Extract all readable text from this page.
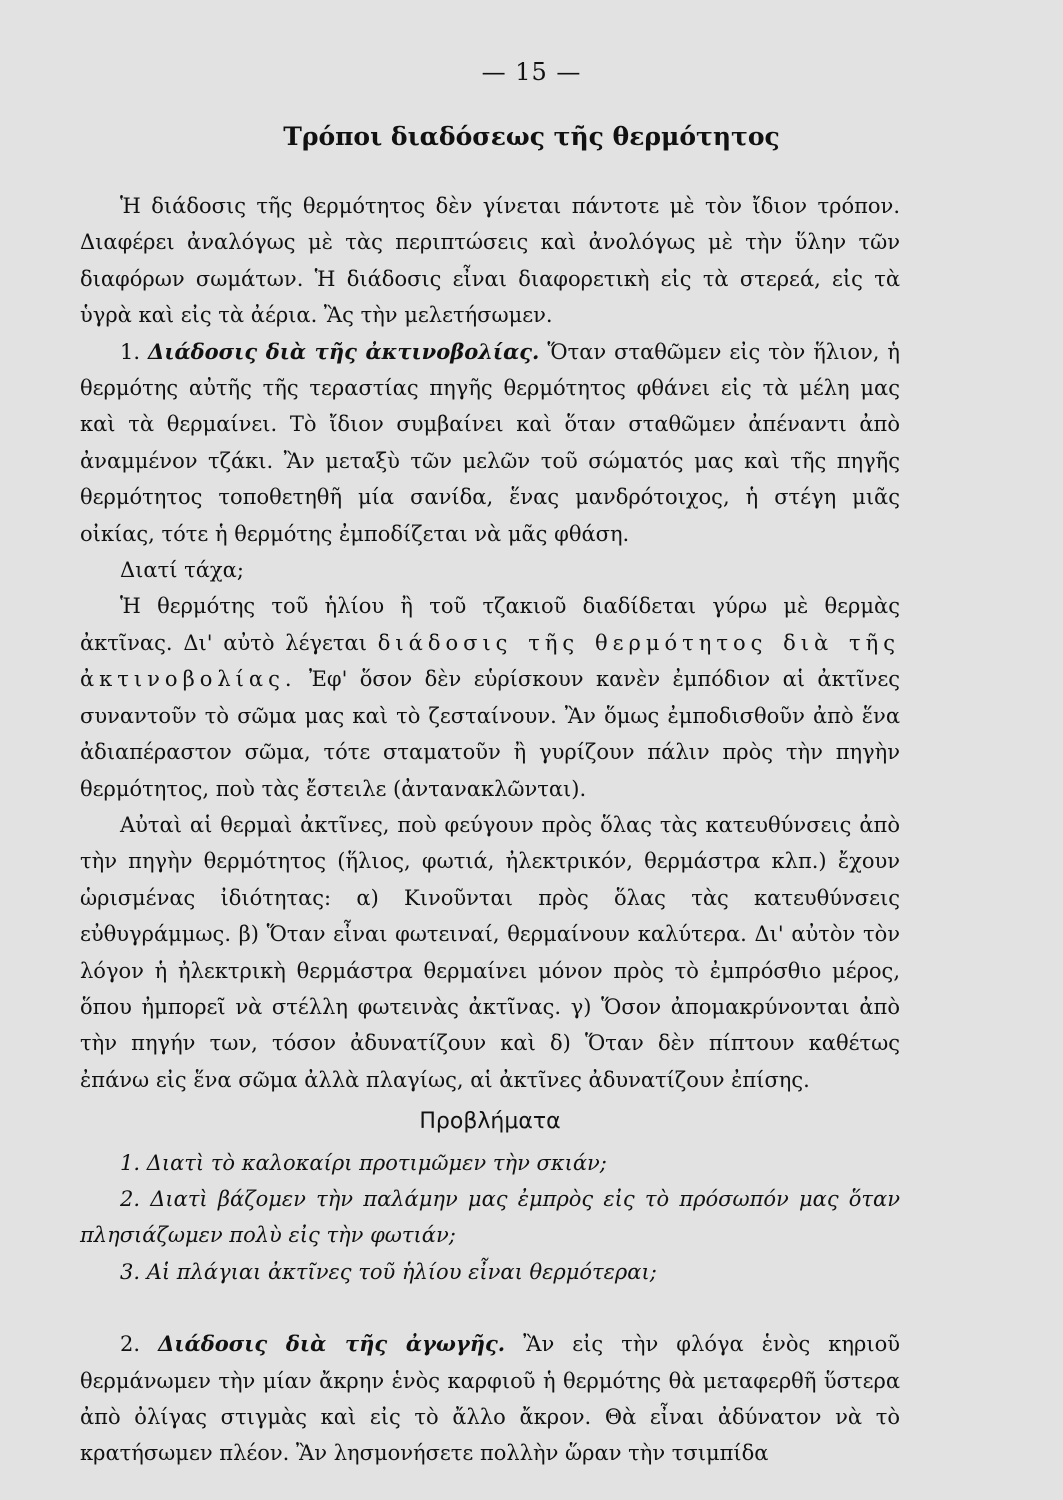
— 15 —
Τρόποι διαδόσεως τῆς θερμότητος

Ἡ διάδοσις τῆς θερμότητος δὲν γίνεται πάντοτε μὲ τὸν ἴδιον τρόπον. Διαφέρει ἀναλόγως μὲ τὰς περιπτώσεις καὶ ἀνολόγως μὲ τὴν ὕλην τῶν διαφόρων σωμάτων. Ἡ διάδοσις εἶναι διαφορετικὴ εἰς τὰ στερεά, εἰς τὰ ὑγρὰ καὶ εἰς τὰ ἀέρια. Ἂς τὴν μελετήσωμεν.

1. Διάδοσις διὰ τῆς ἀκτινοβολίας. Ὅταν σταθῶμεν εἰς τὸν ἥλιον, ἡ θερμότης αὐτῆς τῆς τεραστίας πηγῆς θερμότητος φθάνει εἰς τὰ μέλη μας καὶ τὰ θερμαίνει. Τὸ ἴδιον συμβαίνει καὶ ὅταν σταθῶμεν ἀπέναντι ἀπὸ ἀναμμένον τζάκι. Ἂν μεταξὺ τῶν μελῶν τοῦ σώματός μας καὶ τῆς πηγῆς θερμότητος τοποθετηθῆ μία σανίδα, ἕνας μανδρότοιχος, ἡ στέγη μιᾶς οἰκίας, τότε ἡ θερμότης ἐμποδίζεται νὰ μᾶς φθάση.

Διατί τάχα;

Ἡ θερμότης τοῦ ἡλίου ἢ τοῦ τζακιοῦ διαδίδεται γύρω μὲ θερμὰς ἀκτῖνας. Δι' αὐτὸ λέγεται διάδοσις τῆς θερμότητος διὰ τῆς ἀκτινοβολίας. Ἐφ' ὅσον δὲν εὑρίσκουν κανὲν ἐμπόδιον αἱ ἀκτῖνες συναντοῦν τὸ σῶμα μας καὶ τὸ ζεσταίνουν. Ἂν ὅμως ἐμποδισθοῦν ἀπὸ ἕνα ἀδιαπέραστον σῶμα, τότε σταματοῦν ἢ γυρίζουν πάλιν πρὸς τὴν πηγὴν θερμότητος, ποὺ τὰς ἔστειλε (ἀντανακλῶνται).

Αὐταὶ αἱ θερμαὶ ἀκτῖνες, ποὺ φεύγουν πρὸς ὅλας τὰς κατευθύνσεις ἀπὸ τὴν πηγὴν θερμότητος (ἥλιος, φωτιά, ἠλεκτρικόν, θερμάστρα κλπ.) ἔχουν ὡρισμένας ἰδιότητας: α) Κινοῦνται πρὸς ὅλας τὰς κατευθύνσεις εὐθυγράμμως. β) Ὅταν εἶναι φωτειναί, θερμαίνουν καλύτερα. Δι' αὐτὸν τὸν λόγον ἡ ἠλεκτρικὴ θερμάστρα θερμαίνει μόνον πρὸς τὸ ἐμπρόσθιο μέρος, ὅπου ἠμπορεῖ νὰ στέλλη φωτεινὰς ἀκτῖνας. γ) Ὅσον ἀπομακρύνονται ἀπὸ τὴν πηγήν των, τόσον ἀδυνατίζουν καὶ δ) Ὅταν δὲν πίπτουν καθέτως ἐπάνω εἰς ἕνα σῶμα ἀλλὰ πλαγίως, αἱ ἀκτῖνες ἀδυνατίζουν ἐπίσης.

Προβλήματα

1. Διατὶ τὸ καλοκαίρι προτιμῶμεν τὴν σκιάν;

2. Διατὶ βάζομεν τὴν παλάμην μας ἐμπρὸς εἰς τὸ πρόσωπόν μας ὅταν πλησιάζωμεν πολὺ εἰς τὴν φωτιάν;

3. Αἱ πλάγιαι ἀκτῖνες τοῦ ἡλίου εἶναι θερμότεραι;

2. Διάδοσις διὰ τῆς ἀγωγῆς. Ἂν εἰς τὴν φλόγα ἑνὸς κηριοῦ θερμάνωμεν τὴν μίαν ἄκρην ἑνὸς καρφιοῦ ἡ θερμότης θὰ μεταφερθῆ ὕστερα ἀπὸ ὀλίγας στιγμὰς καὶ εἰς τὸ ἄλλο ἄκρον. Θὰ εἶναι ἀδύνατον νὰ τὸ κρατήσωμεν πλέον. Ἂν λησμονήσετε πολλὴν ὥραν τὴν τσιμπίδα
